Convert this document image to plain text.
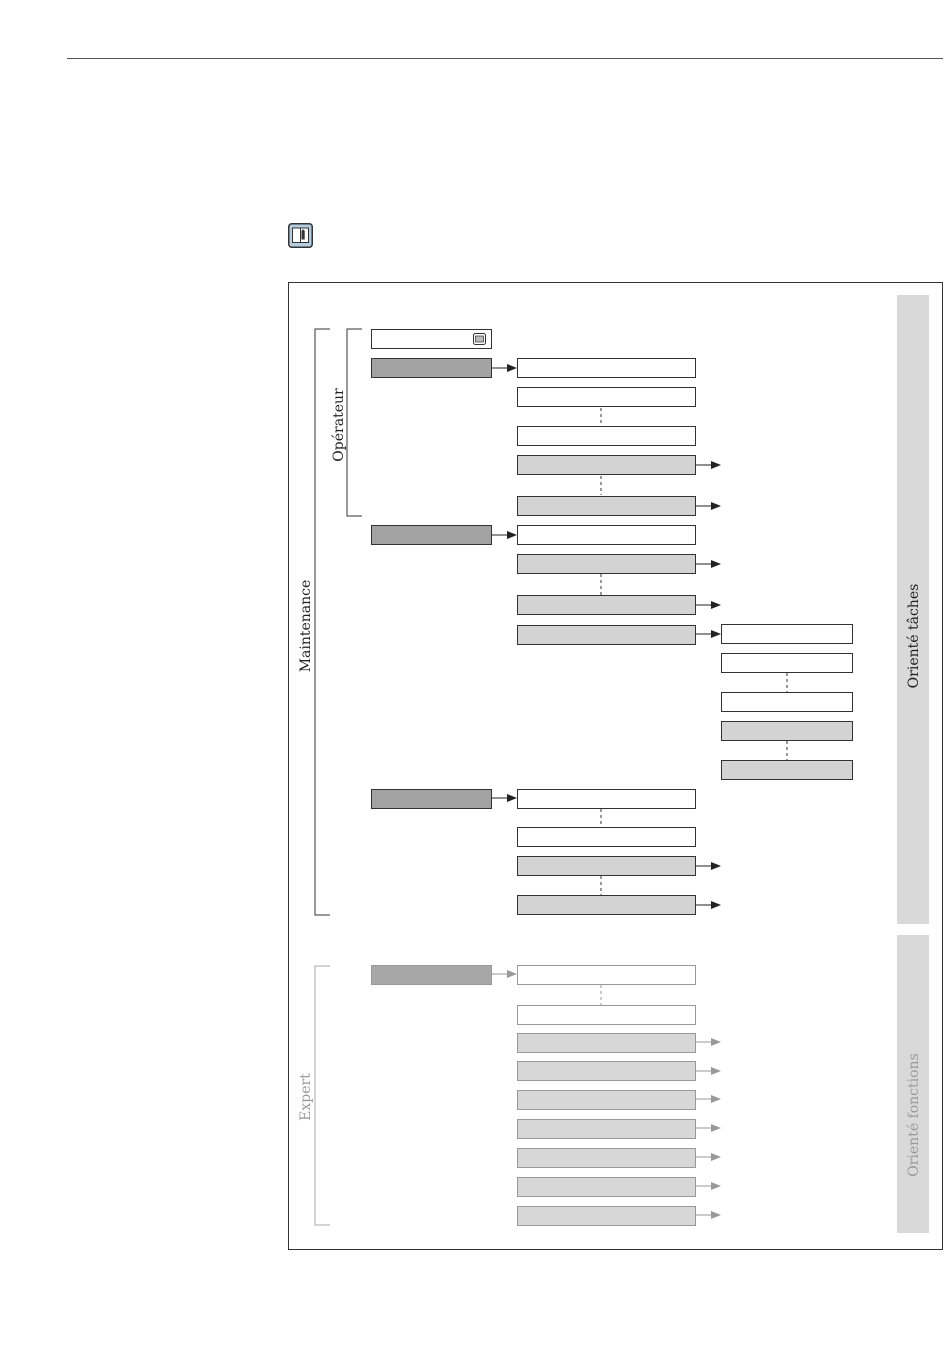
Opérateur
Maintenance
Expert
Orienté tâches
Orienté fonctions
